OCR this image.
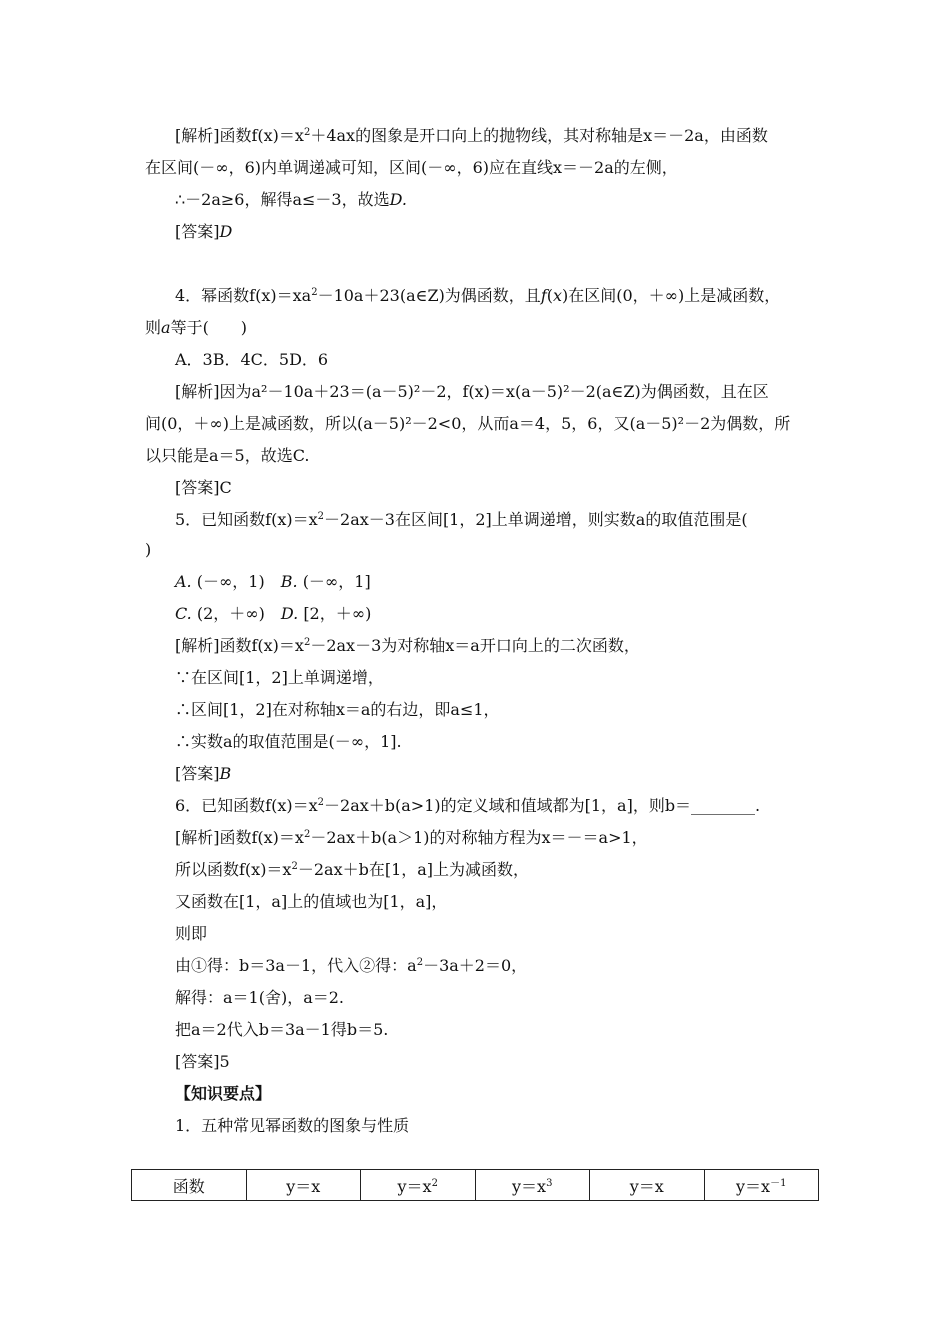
[解析]函数$f(x)=x^2+4ax$的图象是开口向上的抛物线，其对称轴是x＝－2a，由函数
在区间(－∞，6)内单调递减可知，区间(－∞，6)应在直线x＝－2a的左侧，
∴－2a≥6，解得a≤－3，故选D.
[答案]D
4．幂函数$f(x)=xa^2-10a+23(a\in Z)$为偶函数，且f(x)在区间(0，＋∞)上是减函数，
则a等于(　　)
A．3B．4C．5D．6
[解析]因为a²－10a＋23＝(a－5)²－2，f(x)＝x(a－5)²－2(a∈Z)为偶函数，且在区
间(0，＋∞)上是减函数，所以(a－5)²－2<0，从而a＝4，5，6，又(a－5)²－2为偶数，所
以只能是a＝5，故选C.
[答案]C
5．已知函数$f(x)=x^2-2ax-3$在区间[1，2]上单调递增，则实数a的取值范围是(
)
A. (－∞，1)　 B. (－∞，1]
C. (2，＋∞)　 D. [2，＋∞)
[解析]函数$f(x)=x^2-2ax-3$为对称轴x＝a开口向上的二次函数，
∵在区间[1，2]上单调递增，
∴区间[1，2]在对称轴x＝a的右边，即a≤1，
∴实数a的取值范围是(－∞，1].
[答案]B
6．已知函数$f(x)=x^2-2ax+b(a>1)$的定义域和值域都为[1，a]，则b＝________.
[解析]函数$f(x)=x^2-2ax+b(a>1)$的对称轴方程为x＝－＝a>1，
所以函数$f(x)=x^2-2ax+b$在[1，a]上为减函数，
又函数在[1，a]上的值域也为[1，a]，
则即
由①得：b＝3a－1，代入②得：$a^2-3a+2=0$，
解得：a＝1(舍)，a＝2.
把a＝2代入b＝3a－1得b＝5.
[答案]5
【知识要点】
1．五种常见幂函数的图象与性质
函数	y＝x	$y=x^2$	$y=x^3$	y＝x	$y=x^{-1}$
